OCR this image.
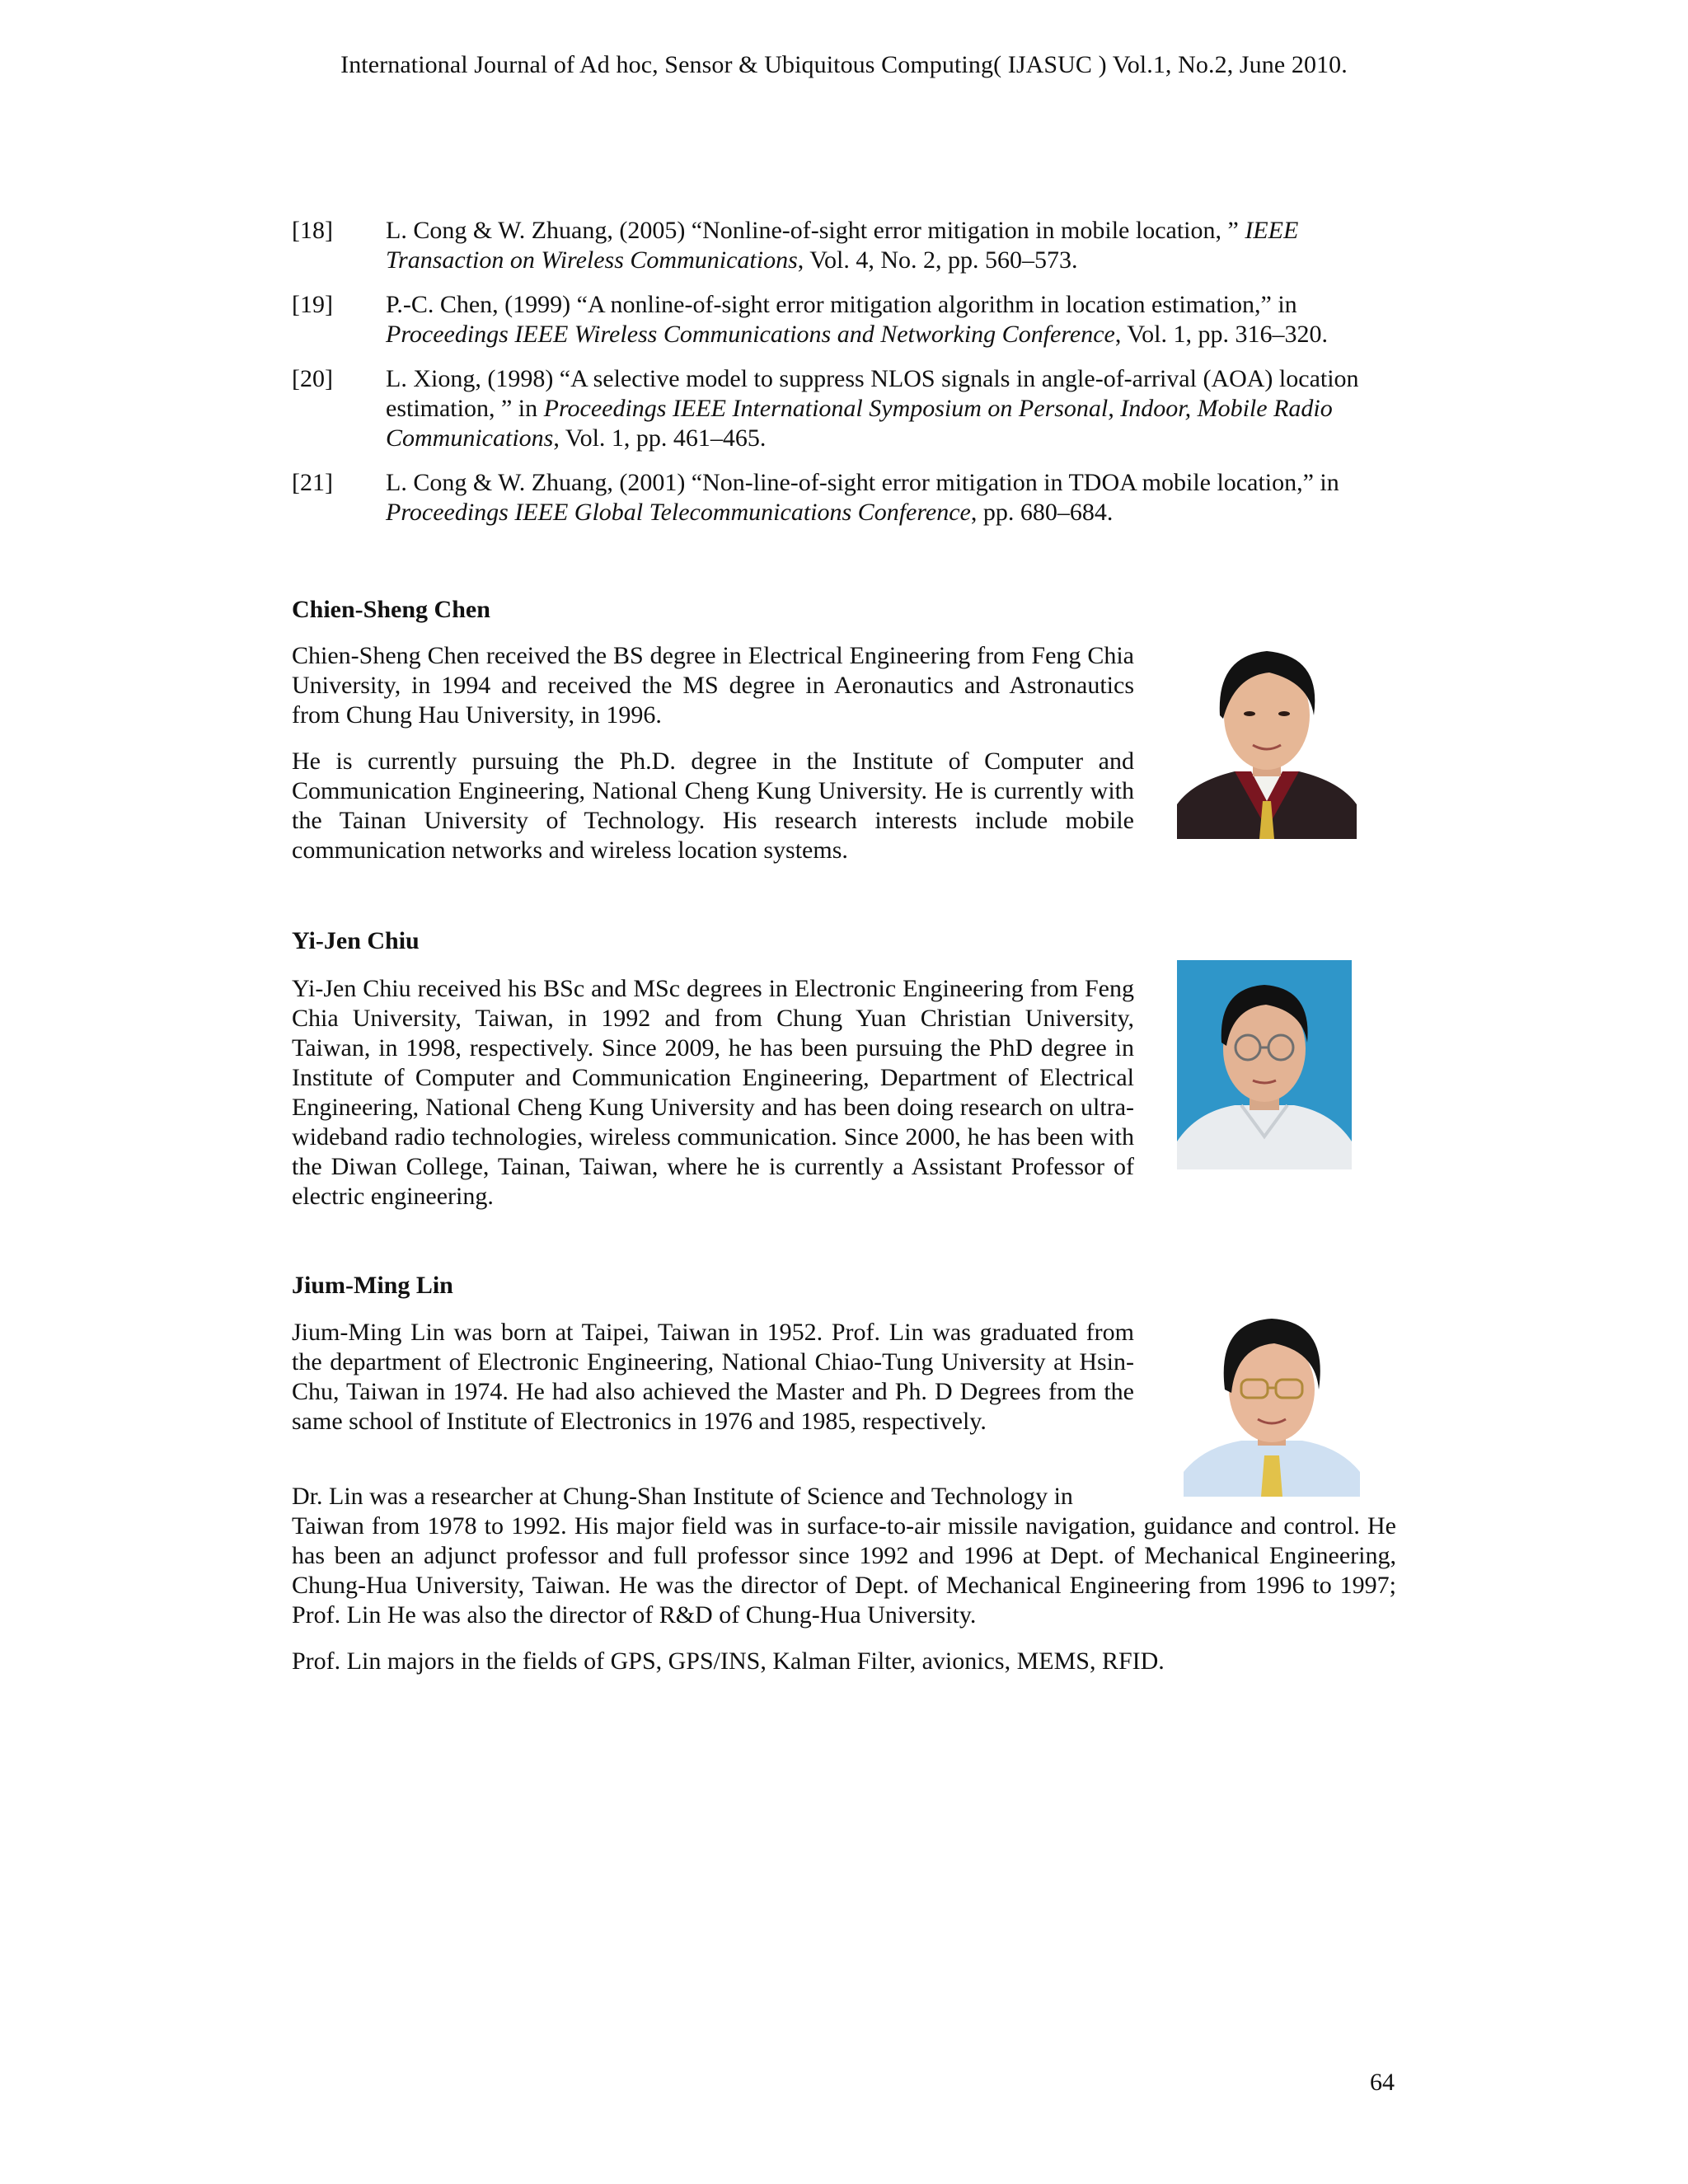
International Journal of Ad hoc, Sensor & Ubiquitous Computing( IJASUC ) Vol.1, No.2, June 2010.
[18] L. Cong & W. Zhuang, (2005) “Nonline-of-sight error mitigation in mobile location, ” IEEE Transaction on Wireless Communications, Vol. 4, No. 2, pp. 560–573.
[19] P.-C. Chen, (1999) “A nonline-of-sight error mitigation algorithm in location estimation,” in Proceedings IEEE Wireless Communications and Networking Conference, Vol. 1, pp. 316–320.
[20] L. Xiong, (1998) “A selective model to suppress NLOS signals in angle-of-arrival (AOA) location estimation, ” in Proceedings IEEE International Symposium on Personal, Indoor, Mobile Radio Communications, Vol. 1, pp. 461–465.
[21] L. Cong & W. Zhuang, (2001) “Non-line-of-sight error mitigation in TDOA mobile location,” in Proceedings IEEE Global Telecommunications Conference, pp. 680–684.
Chien-Sheng Chen

Chien-Sheng Chen received the BS degree in Electrical Engineering from Feng Chia University, in 1994 and received the MS degree in Aeronautics and Astronautics from Chung Hau University, in 1996.

He is currently pursuing the Ph.D. degree in the Institute of Computer and Communication Engineering, National Cheng Kung University. He is currently with the Tainan University of Technology. His research interests include mobile communication networks and wireless location systems.

Yi-Jen Chiu

Yi-Jen Chiu received his BSc and MSc degrees in Electronic Engineering from Feng Chia University, Taiwan, in 1992 and from Chung Yuan Christian University, Taiwan, in 1998, respectively. Since 2009, he has been pursuing the PhD degree in Institute of Computer and Communication Engineering, Department of Electrical Engineering, National Cheng Kung University and has been doing research on ultra-wideband radio technologies, wireless communication. Since 2000, he has been with the Diwan College, Tainan, Taiwan, where he is currently a Assistant Professor of electric engineering.

Jium-Ming Lin

Jium-Ming Lin was born at Taipei, Taiwan in 1952. Prof. Lin was graduated from the department of Electronic Engineering, National Chiao-Tung University at Hsin-Chu, Taiwan in 1974. He had also achieved the Master and Ph. D Degrees from the same school of Institute of Electronics in 1976 and 1985, respectively.

Dr. Lin was a researcher at Chung-Shan Institute of Science and Technology in

Taiwan from 1978 to 1992. His major field was in surface-to-air missile navigation, guidance and control. He has been an adjunct professor and full professor since 1992 and 1996 at Dept. of Mechanical Engineering, Chung-Hua University, Taiwan. He was the director of Dept. of Mechanical Engineering from 1996 to 1997; Prof. Lin He was also the director of R&D of Chung-Hua University.

Prof. Lin majors in the fields of GPS, GPS/INS, Kalman Filter, avionics, MEMS, RFID.

64
